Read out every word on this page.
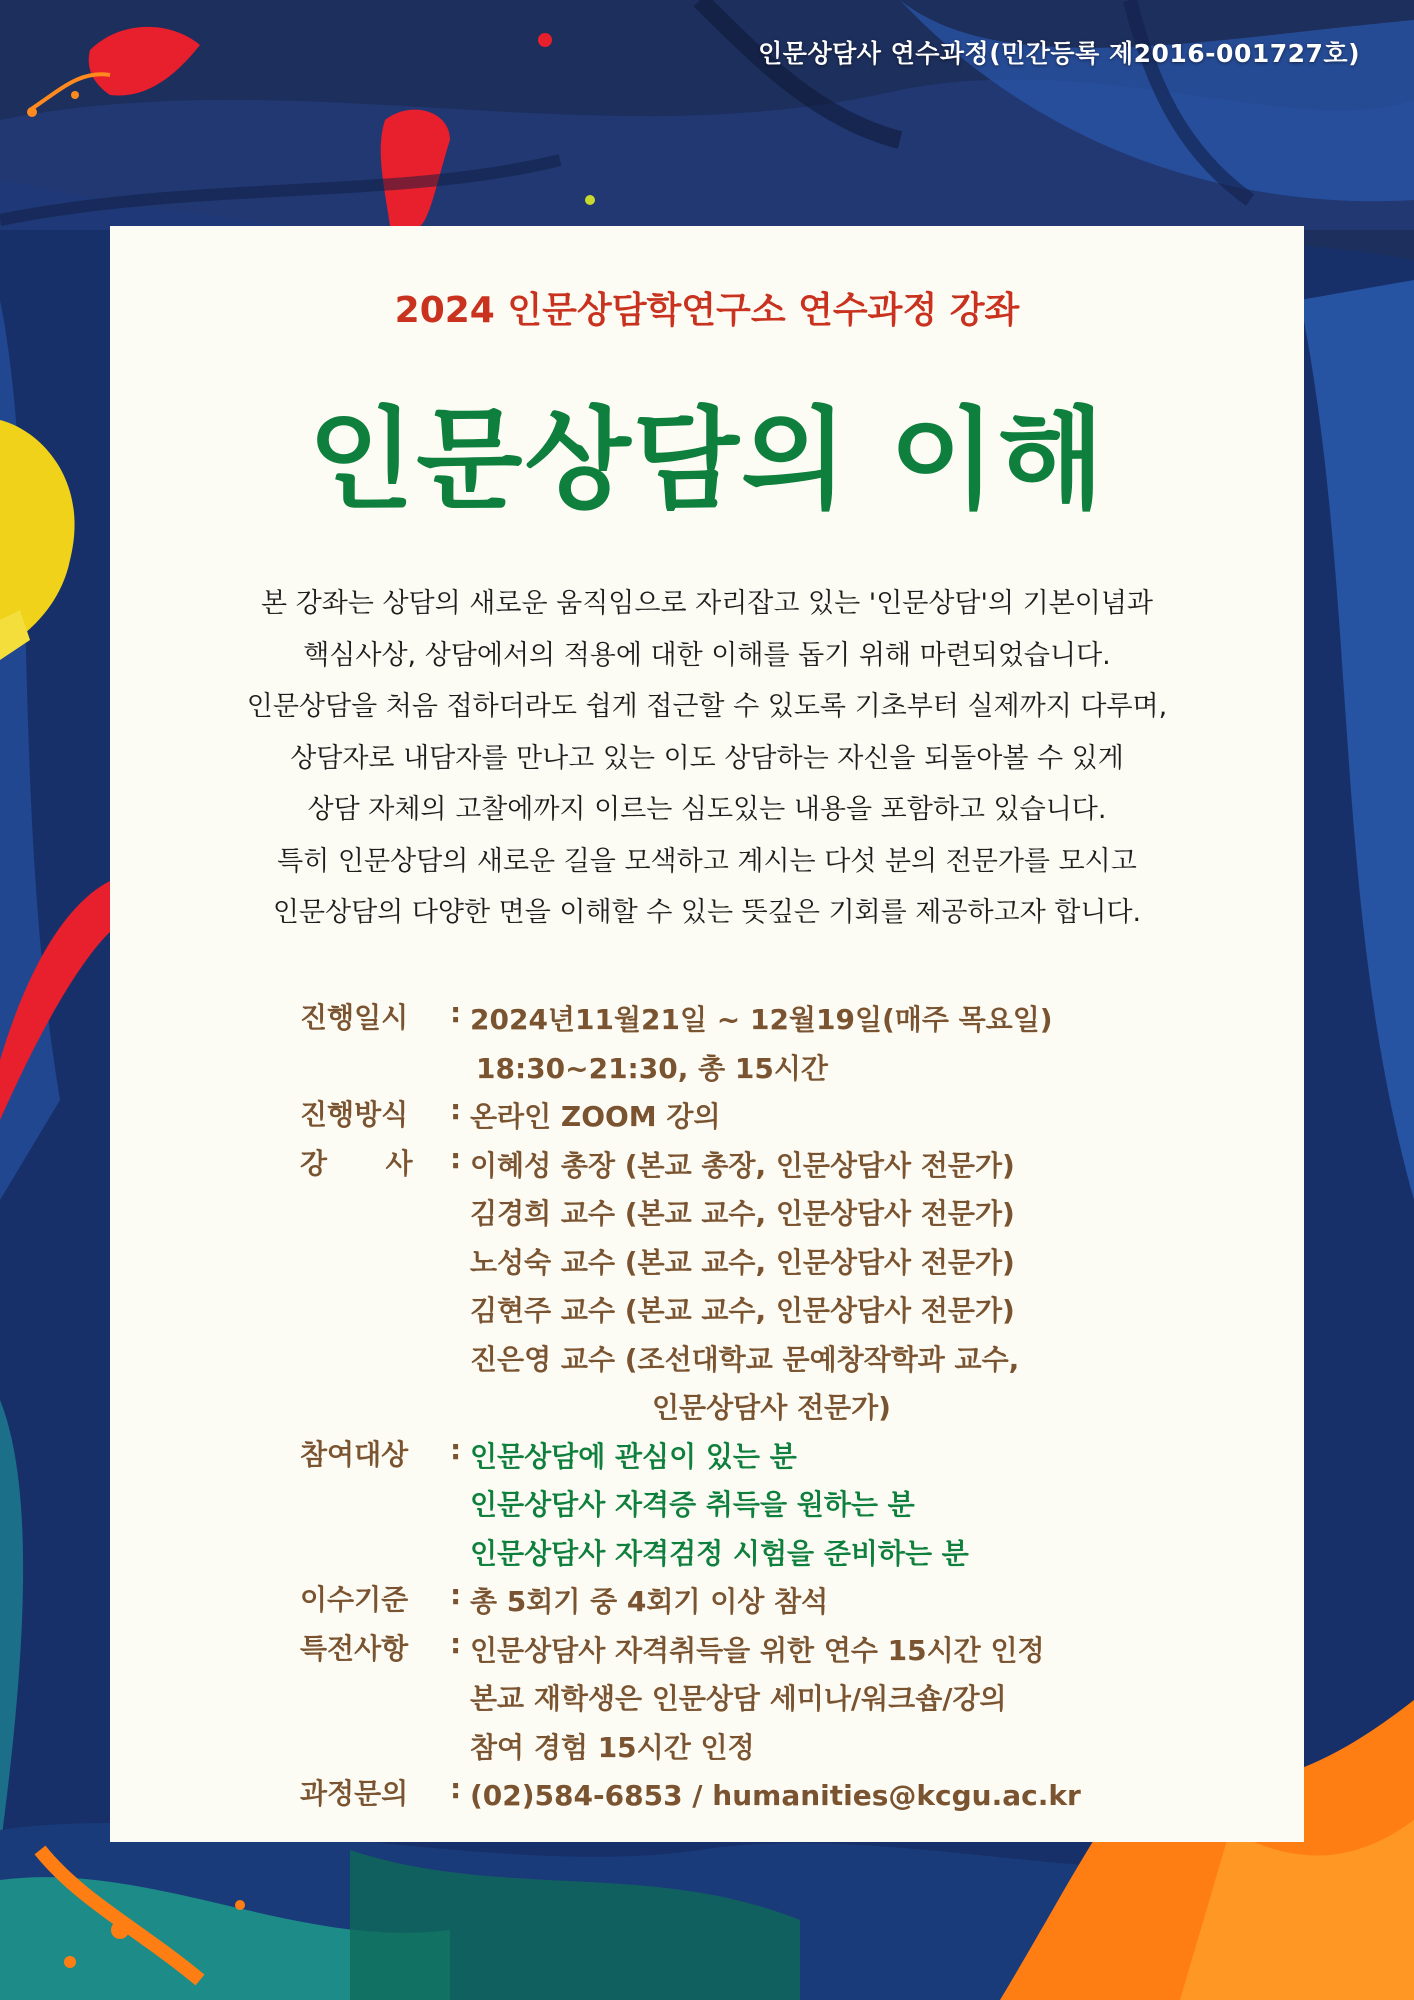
인문상담사 연수과정(민간등록 제2016-001727호)
2024 인문상담학연구소 연수과정 강좌
인문상담의 이해
본 강좌는 상담의 새로운 움직임으로 자리잡고 있는 '인문상담'의 기본이념과
핵심사상, 상담에서의 적용에 대한 이해를 돕기 위해 마련되었습니다.
인문상담을 처음 접하더라도 쉽게 접근할 수 있도록 기초부터 실제까지 다루며,
상담자로 내담자를 만나고 있는 이도 상담하는 자신을 되돌아볼 수 있게
상담 자체의 고찰에까지 이르는 심도있는 내용을 포함하고 있습니다.
특히 인문상담의 새로운 길을 모색하고 계시는 다섯 분의 전문가를 모시고
인문상담의 다양한 면을 이해할 수 있는 뜻깊은 기회를 제공하고자 합니다.
진행일시	: 2024년11월21일 ~ 12월19일(매주 목요일)
18:30~21:30, 총 15시간
진행방식	: 온라인 ZOOM 강의
강      사	: 이혜성 총장 (본교 총장, 인문상담사 전문가)
김경희 교수 (본교 교수, 인문상담사 전문가)
노성숙 교수 (본교 교수, 인문상담사 전문가)
김현주 교수 (본교 교수, 인문상담사 전문가)
진은영 교수 (조선대학교 문예창작학과 교수,
인문상담사 전문가)
참여대상	: 인문상담에 관심이 있는 분
인문상담사 자격증 취득을 원하는 분
인문상담사 자격검정 시험을 준비하는 분
이수기준	: 총 5회기 중 4회기 이상 참석
특전사항	: 인문상담사 자격취득을 위한 연수 15시간 인정
본교 재학생은 인문상담 세미나/워크숍/강의
참여 경험 15시간 인정
과정문의	: (02)584-6853 / humanities@kcgu.ac.kr
